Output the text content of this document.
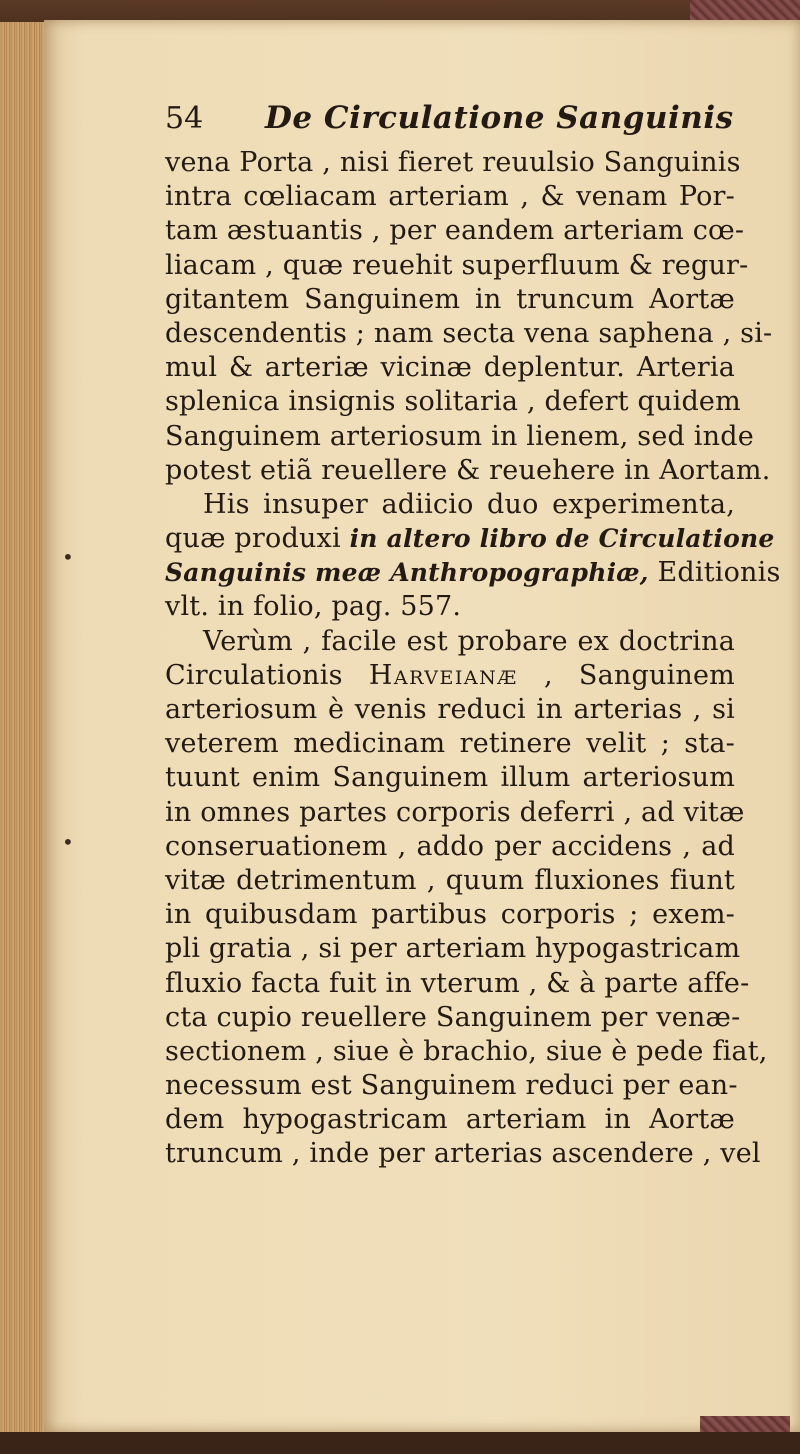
54	De Circulatione Sanguinis
vena Porta , nisi fieret reuulsio Sanguinis
intra cœliacam arteriam , & venam Por-
tam æstuantis , per eandem arteriam cœ-
liacam , quæ reuehit superfluum & regur-
gitantem Sanguinem in truncum Aortæ
descendentis ; nam secta vena saphena , si-
mul & arteriæ vicinæ deplentur. Arteria
splenica insignis solitaria , defert quidem
Sanguinem arteriosum in lienem, sed inde
potest etiã reuellere & reuehere in Aortam.
His insuper adiicio duo experimenta,
quæ produxi in altero libro de Circulatione
Sanguinis meæ Anthropographiæ, Editionis
vlt. in folio, pag. 557.
Verùm , facile est probare ex doctrina
Circulationis Harveianæ , Sanguinem
arteriosum è venis reduci in arterias , si
veterem medicinam retinere velit ; sta-
tuunt enim Sanguinem illum arteriosum
in omnes partes corporis deferri , ad vitæ
conseruationem , addo per accidens , ad
vitæ detrimentum , quum fluxiones fiunt
in quibusdam partibus corporis ; exem-
pli gratia , si per arteriam hypogastricam
fluxio facta fuit in vterum , & à parte affe-
cta cupio reuellere Sanguinem per venæ-
sectionem , siue è brachio, siue è pede fiat,
necessum est Sanguinem reduci per ean-
dem hypogastricam arteriam in Aortæ
truncum , inde per arterias ascendere , vel
•
•
